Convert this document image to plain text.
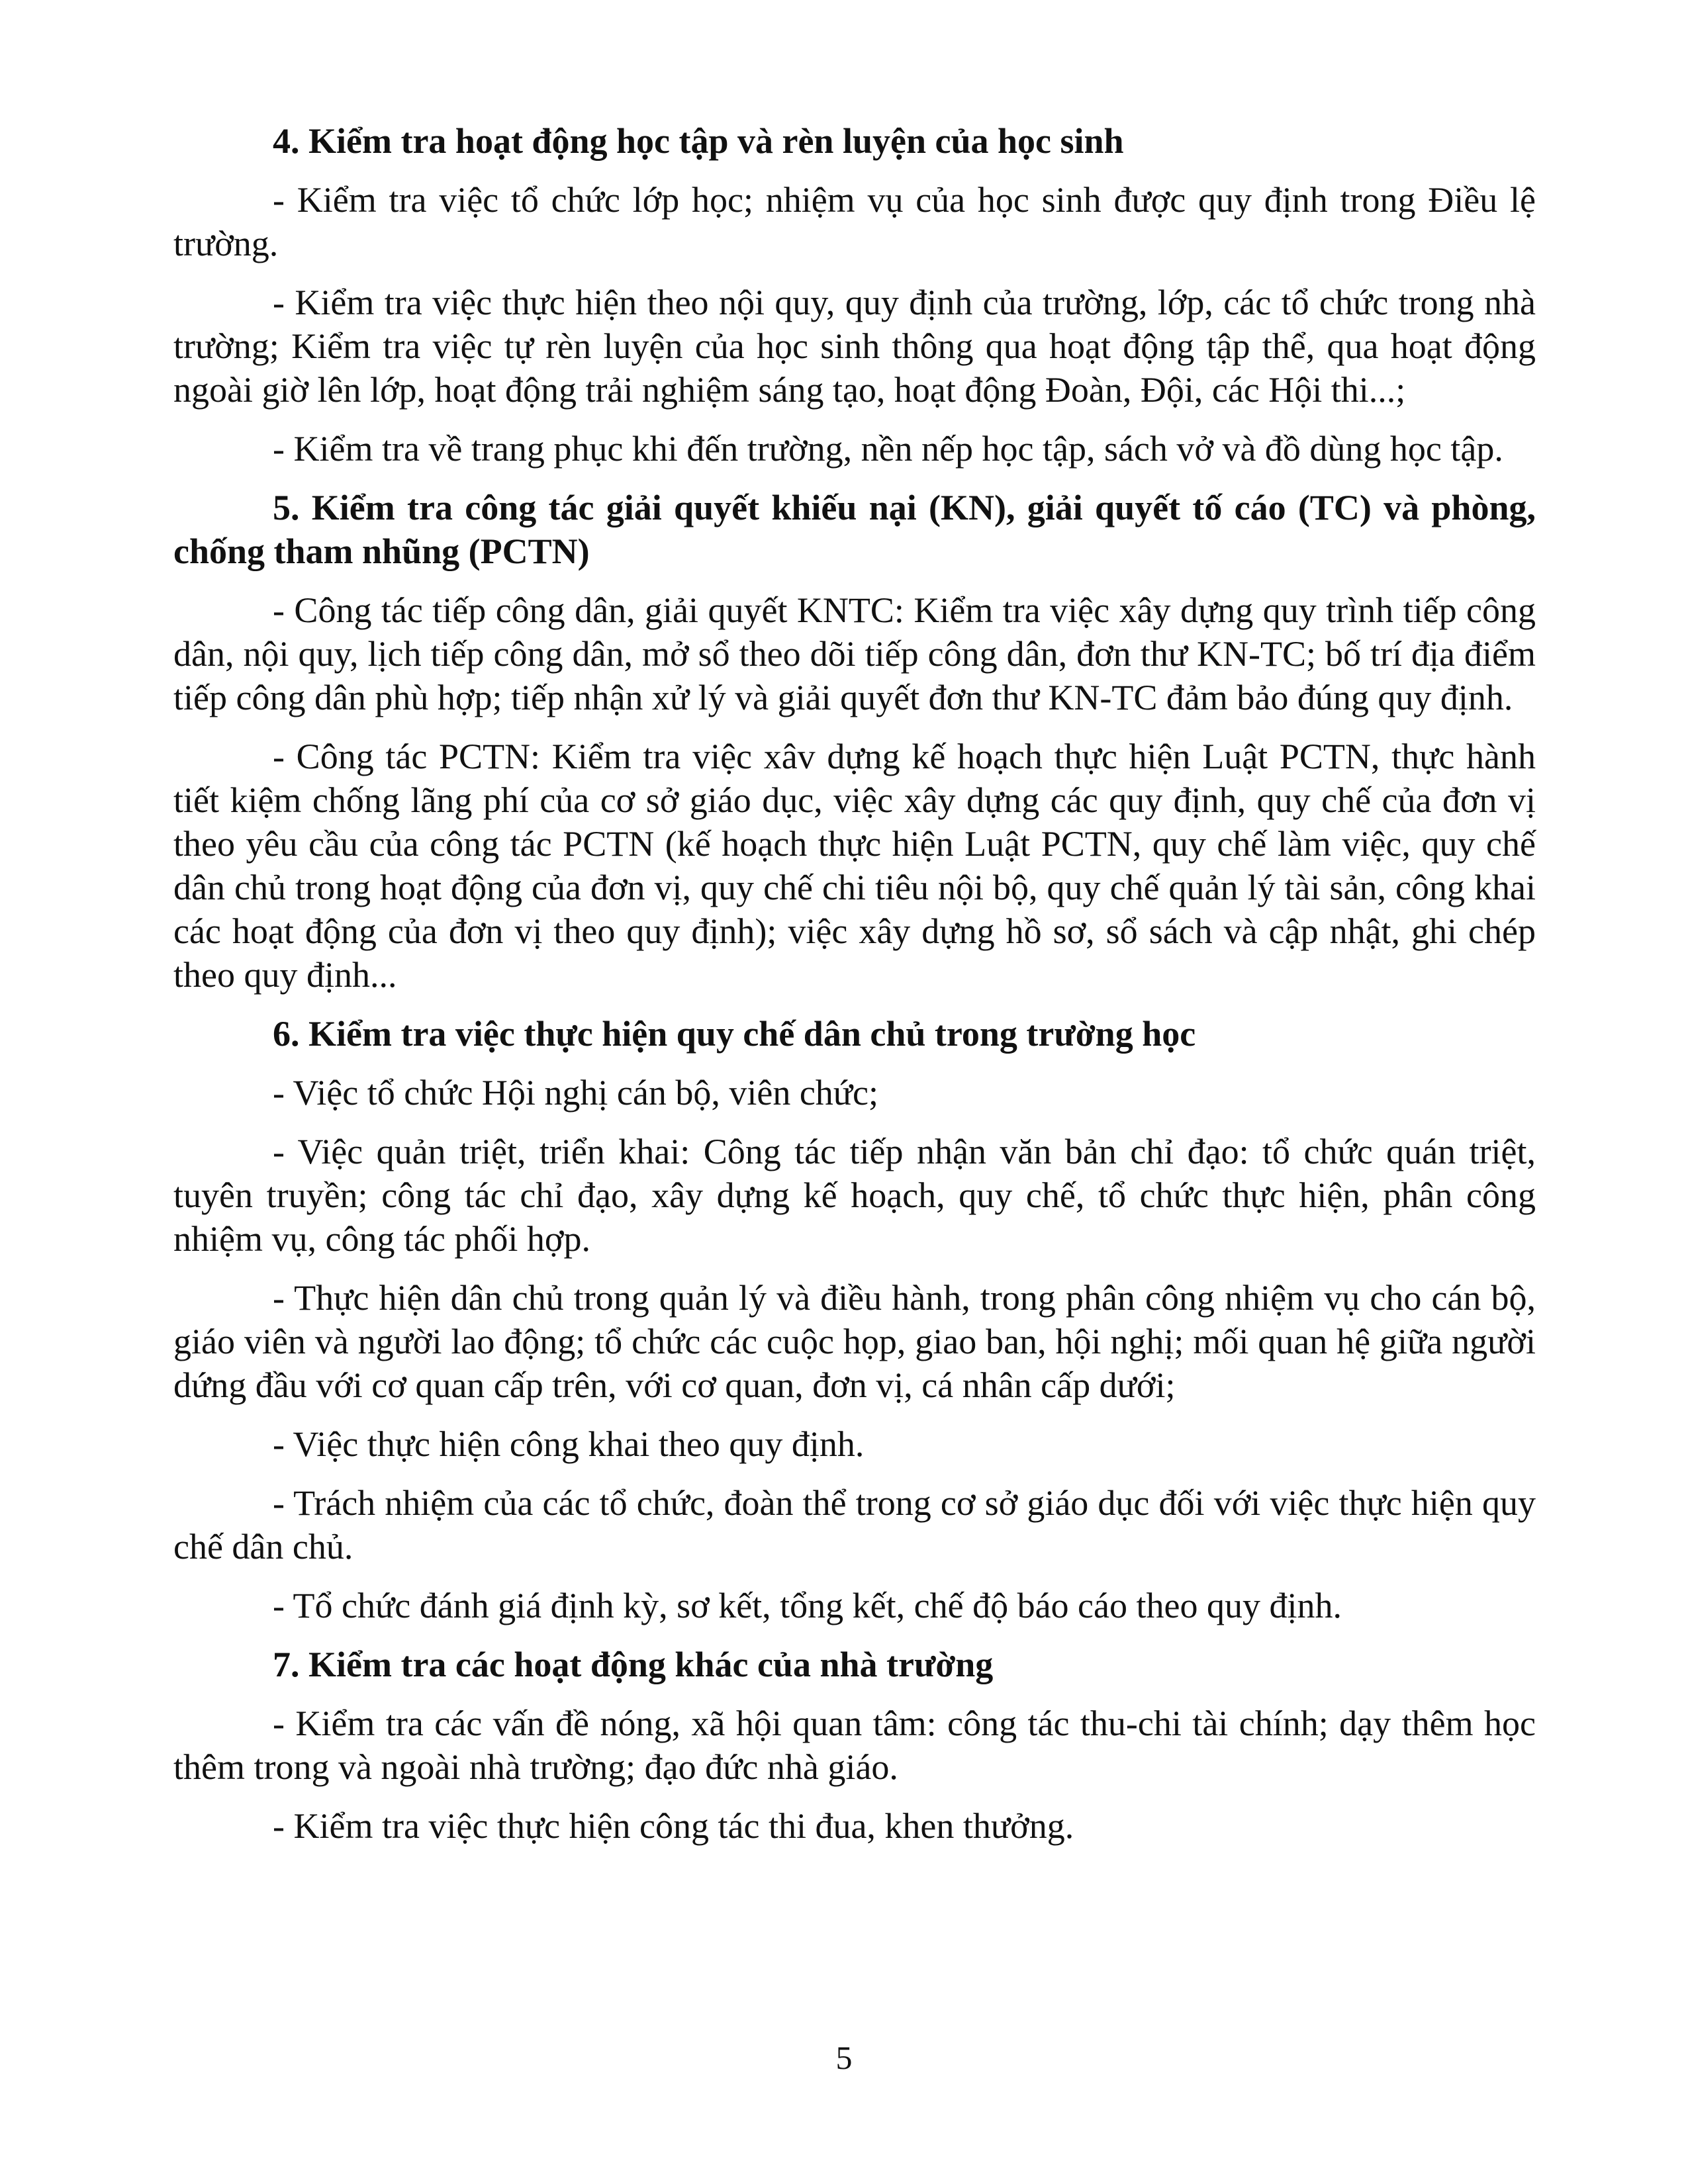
4. Kiểm tra hoạt động học tập và rèn luyện của học sinh

- Kiểm tra việc tổ chức lớp học; nhiệm vụ của học sinh được quy định trong Điều lệ trường.

- Kiểm tra việc thực hiện theo nội quy, quy định của trường, lớp, các tổ chức trong nhà trường; Kiểm tra việc tự rèn luyện của học sinh thông qua hoạt động tập thể, qua hoạt động ngoài giờ lên lớp, hoạt động trải nghiệm sáng tạo, hoạt động Đoàn, Đội, các Hội thi...;

- Kiểm tra về trang phục khi đến trường, nền nếp học tập, sách vở và đồ dùng học tập.

5. Kiểm tra công tác giải quyết khiếu nại (KN), giải quyết tố cáo (TC) và phòng, chống tham nhũng (PCTN)

- Công tác tiếp công dân, giải quyết KNTC: Kiểm tra việc xây dựng quy trình tiếp công dân, nội quy, lịch tiếp công dân, mở sổ theo dõi tiếp công dân, đơn thư KN-TC; bố trí địa điểm tiếp công dân phù hợp; tiếp nhận xử lý và giải quyết đơn thư KN-TC đảm bảo đúng quy định.

- Công tác PCTN: Kiểm tra việc xâv dựng kế hoạch thực hiện Luật PCTN, thực hành tiết kiệm chống lãng phí của cơ sở giáo dục, việc xây dựng các quy định, quy chế của đơn vị theo yêu cầu của công tác PCTN (kế hoạch thực hiện Luật PCTN, quy chế làm việc, quy chế dân chủ trong hoạt động của đơn vị, quy chế chi tiêu nội bộ, quy chế quản lý tài sản, công khai các hoạt động của đơn vị theo quy định); việc xây dựng hồ sơ, sổ sách và cập nhật, ghi chép theo quy định...

6. Kiểm tra việc thực hiện quy chế dân chủ trong trường học

- Việc tổ chức Hội nghị cán bộ, viên chức;

- Việc quản triệt, triển khai: Công tác tiếp nhận văn bản chỉ đạo: tổ chức quán triệt, tuyên truyền; công tác chỉ đạo, xây dựng kế hoạch, quy chế, tổ chức thực hiện, phân công nhiệm vụ, công tác phối hợp.

- Thực hiện dân chủ trong quản lý và điều hành, trong phân công nhiệm vụ cho cán bộ, giáo viên và người lao động; tổ chức các cuộc họp, giao ban, hội nghị; mối quan hệ giữa người dứng đầu với cơ quan cấp trên, với cơ quan, đơn vị, cá nhân cấp dưới;

- Việc thực hiện công khai theo quy định.

- Trách nhiệm của các tổ chức, đoàn thể trong cơ sở giáo dục đối với việc thực hiện quy chế dân chủ.

- Tổ chức đánh giá định kỳ, sơ kết, tổng kết, chế độ báo cáo theo quy định.

7. Kiểm tra các hoạt động khác của nhà trường

- Kiểm tra các vấn đề nóng, xã hội quan tâm: công tác thu-chi tài chính; dạy thêm học thêm trong và ngoài nhà trường; đạo đức nhà giáo.

- Kiểm tra việc thực hiện công tác thi đua, khen thưởng.

5
